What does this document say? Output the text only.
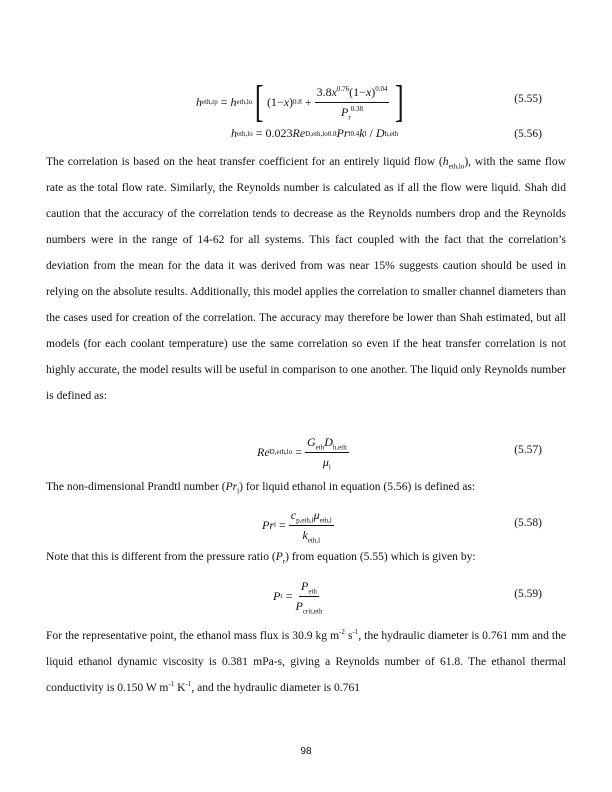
h eth,tp = h eth,lo [ (1− x ) $0.8 + \frac{3.8x^{0.76}(1-x)^{0.04}}{P_r^{0.38}}$ ]	(5.55)
h eth,lo = 0.023 Re D,eth,lo 0.8 Pr l 0.4 k l / D h,eth	(5.56)
The correlation is based on the heat transfer coefficient for an entirely liquid flow $(h_{eth,lo})$, with the same flow rate as the total flow rate. Similarly, the Reynolds number is calculated as if all the flow were liquid. Shah did caution that the accuracy of the correlation tends to decrease as the Reynolds numbers drop and the Reynolds numbers were in the range of 14-62 for all systems. This fact coupled with the fact that the correlation’s deviation from the mean for the data it was derived from was near 15% suggests caution should be used in relying on the absolute results. Additionally, this model applies the correlation to smaller channel diameters than the cases used for creation of the correlation. The accuracy may therefore be lower than Shah estimated, but all models (for each coolant temperature) use the same correlation so even if the heat transfer correlation is not highly accurate, the model results will be useful in comparison to one another. The liquid only Reynolds number is defined as:
Re $D,eth,lo = \frac{G_{eth}D_{h,eth}}{\mu_l}$	(5.57)
The non-dimensional Prandtl number $(Pr_l)$ for liquid ethanol in equation (5.56) is defined as:
Pr $l = \frac{c_{p,eth,l}\mu_{eth,l}}{k_{eth,l}}$	(5.58)
Note that this is different from the pressure ratio $(P_r)$ from equation (5.55) which is given by:
P $r = \frac{P_{eth}}{P_{crit,eth}}$	(5.59)
For the representative point, the ethanol mass flux is 30.9 kg $m^{-2}$ $s^{-1}$, the hydraulic diameter is 0.761 mm and the liquid ethanol dynamic viscosity is 0.381 mPa-s, giving a Reynolds number of 61.8. The ethanol thermal conductivity is 0.150 W $m^{-1}$ $K^{-1}$, and the hydraulic diameter is 0.761
98
